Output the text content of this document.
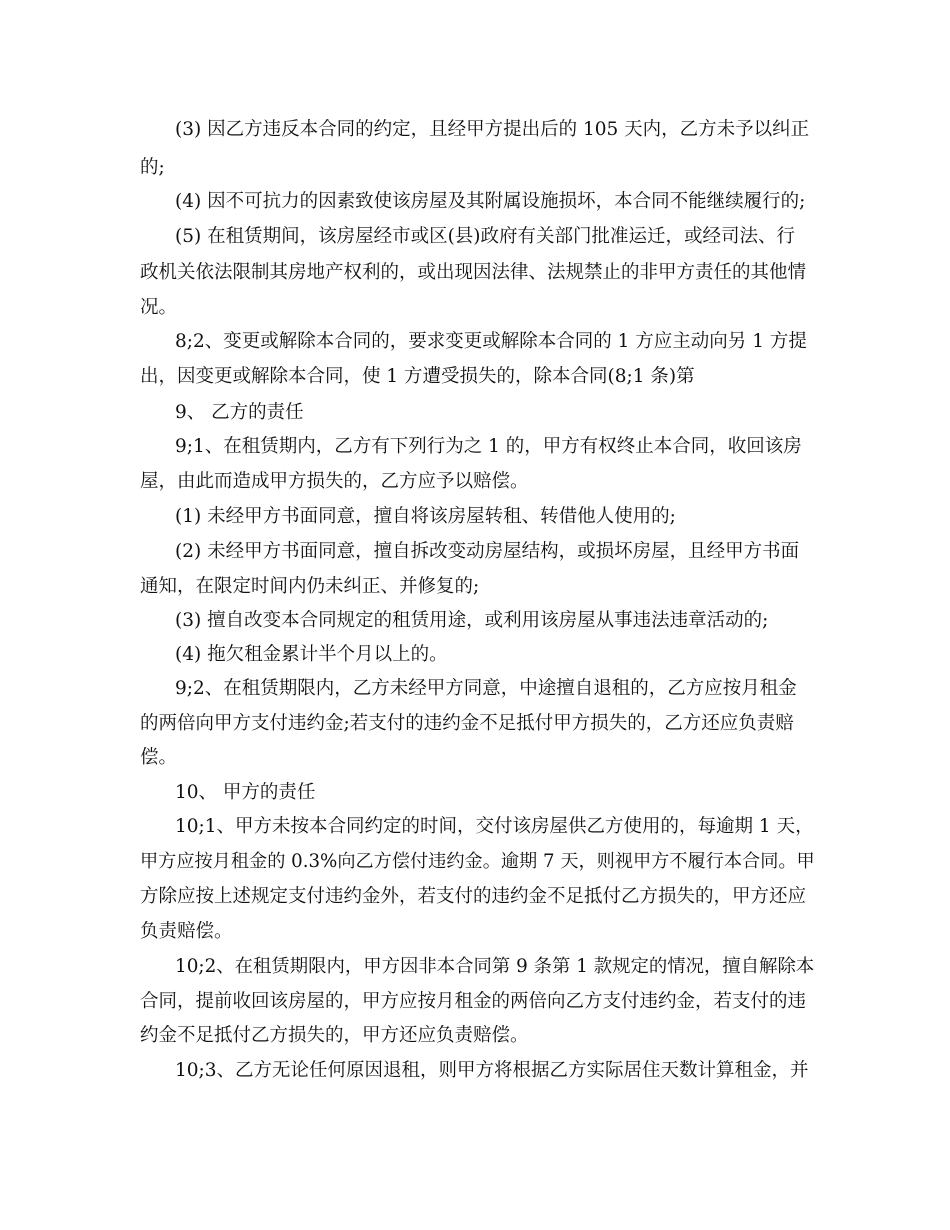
(3) 因乙方违反本合同的约定，且经甲方提出后的 105 天内，乙方未予以纠正
的;
(4) 因不可抗力的因素致使该房屋及其附属设施损坏，本合同不能继续履行的;
(5) 在租赁期间，该房屋经市或区(县)政府有关部门批准运迁，或经司法、行
政机关依法限制其房地产权利的，或出现因法律、法规禁止的非甲方责任的其他情
况。
8;2、变更或解除本合同的，要求变更或解除本合同的 1 方应主动向另 1 方提
出，因变更或解除本合同，使 1 方遭受损失的，除本合同(8;1 条)第
9、 乙方的责任
9;1、在租赁期内，乙方有下列行为之 1 的，甲方有权终止本合同，收回该房
屋，由此而造成甲方损失的，乙方应予以赔偿。
(1) 未经甲方书面同意，擅自将该房屋转租、转借他人使用的;
(2) 未经甲方书面同意，擅自拆改变动房屋结构，或损坏房屋，且经甲方书面
通知，在限定时间内仍未纠正、并修复的;
(3) 擅自改变本合同规定的租赁用途，或利用该房屋从事违法违章活动的;
(4) 拖欠租金累计半个月以上的。
9;2、在租赁期限内，乙方未经甲方同意，中途擅自退租的，乙方应按月租金
的两倍向甲方支付违约金;若支付的违约金不足抵付甲方损失的，乙方还应负责赔
偿。
10、 甲方的责任
10;1、甲方未按本合同约定的时间，交付该房屋供乙方使用的，每逾期 1 天，
甲方应按月租金的 0.3%向乙方偿付违约金。逾期 7 天，则视甲方不履行本合同。甲
方除应按上述规定支付违约金外，若支付的违约金不足抵付乙方损失的，甲方还应
负责赔偿。
10;2、在租赁期限内，甲方因非本合同第 9 条第 1 款规定的情况，擅自解除本
合同，提前收回该房屋的，甲方应按月租金的两倍向乙方支付违约金，若支付的违
约金不足抵付乙方损失的，甲方还应负责赔偿。
10;3、乙方无论任何原因退租，则甲方将根据乙方实际居住天数计算租金，并
